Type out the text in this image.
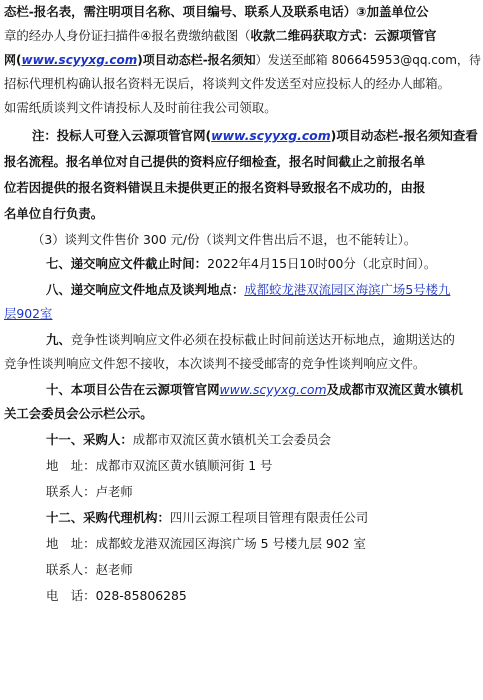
态栏-报名表，需注明项目名称、项目编号、联系人及联系电话）③加盖单位公
章的经办人身份证扫描件④报名费缴纳截图（收款二维码获取方式：云源项管官
网(www.scyyxg.com)项目动态栏-报名须知）发送至邮箱 806645953@qq.com，待
招标代理机构确认报名资料无误后，将谈判文件发送至对应投标人的经办人邮箱。
如需纸质谈判文件请投标人及时前往我公司领取。
注：投标人可登入云源项管官网(www.scyyxg.com)项目动态栏-报名须知查看
报名流程。报名单位对自己提供的资料应仔细检查，报名时间截止之前报名单
位若因提供的报名资料错误且未提供更正的报名资料导致报名不成功的，由报
名单位自行负责。
（3）谈判文件售价 300 元/份（谈判文件售出后不退，也不能转让）。
七、递交响应文件截止时间：2022年4月15日10时00分（北京时间）。
八、递交响应文件地点及谈判地点：成都蛟龙港双流园区海滨广场5号楼九
层902室
九、竞争性谈判响应文件必须在投标截止时间前送达开标地点，逾期送达的
竞争性谈判响应文件恕不接收，本次谈判不接受邮寄的竞争性谈判响应文件。
十、本项目公告在云源项管官网www.scyyxg.com及成都市双流区黄水镇机
关工会委员会公示栏公示。
十一、采购人：成都市双流区黄水镇机关工会委员会
地　址：成都市双流区黄水镇顺河街 1 号
联系人：卢老师
十二、采购代理机构：四川云源工程项目管理有限责任公司
地　址：成都蛟龙港双流园区海滨广场 5 号楼九层 902 室
联系人：赵老师
电　话：028-85806285
